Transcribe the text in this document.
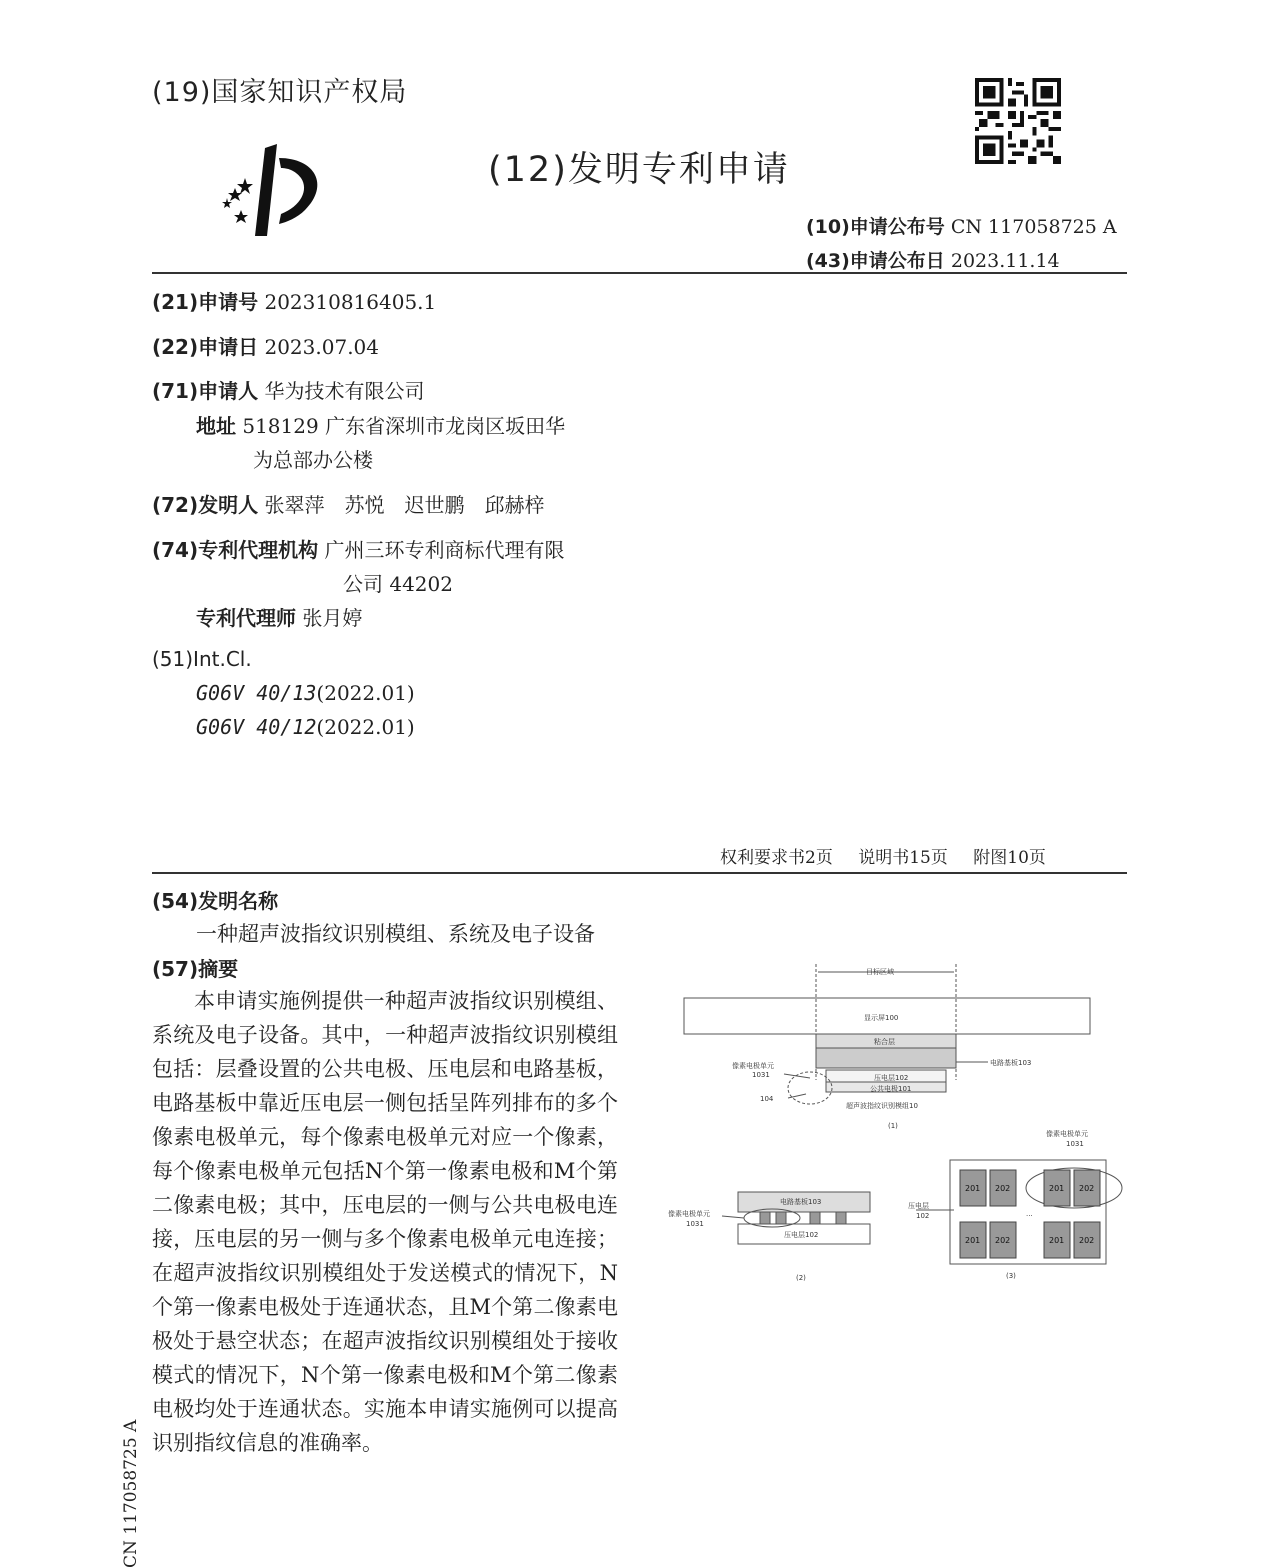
(19)国家知识产权局
(12)发明专利申请
(10)申请公布号 CN 117058725 A
(43)申请公布日 2023.11.14
(21)申请号 202310816405.1
(22)申请日 2023.07.04
(71)申请人 华为技术有限公司
地址 518129 广东省深圳市龙岗区坂田华
为总部办公楼
(72)发明人 张翠萍　苏悦　迟世鹏　邱赫梓
(74)专利代理机构 广州三环专利商标代理有限
公司 44202
专利代理师 张月婷
(51)Int.Cl.
G06V 40/13(2022.01)
G06V 40/12(2022.01)
权利要求书2页 说明书15页 附图10页
(54)发明名称
一种超声波指纹识别模组、系统及电子设备
(57)摘要

本申请实施例提供一种超声波指纹识别模组、系统及电子设备。其中，一种超声波指纹识别模组包括：层叠设置的公共电极、压电层和电路基板，电路基板中靠近压电层一侧包括呈阵列排布的多个像素电极单元，每个像素电极单元对应一个像素，每个像素电极单元包括N个第一像素电极和M个第二像素电极；其中，压电层的一侧与公共电极电连接，压电层的另一侧与多个像素电极单元电连接；在超声波指纹识别模组处于发送模式的情况下，N个第一像素电极处于连通状态，且M个第二像素电极处于悬空状态；在超声波指纹识别模组处于接收模式的情况下，N个第一像素电极和M个第二像素电极均处于连通状态。实施本申请实施例可以提高识别指纹信息的准确率。

CN 117058725 A
目标区域
显示屏100
粘合层
像素电极单元
1031
电路基板103
压电层102
公共电极101
104
超声波指纹识别模组10
(1)
电路基板103
压电层102
像素电极单元
1031
(2)
像素电极单元
1031
压电层
102	...
(3)
201 202	201 202
201 202	201 202
